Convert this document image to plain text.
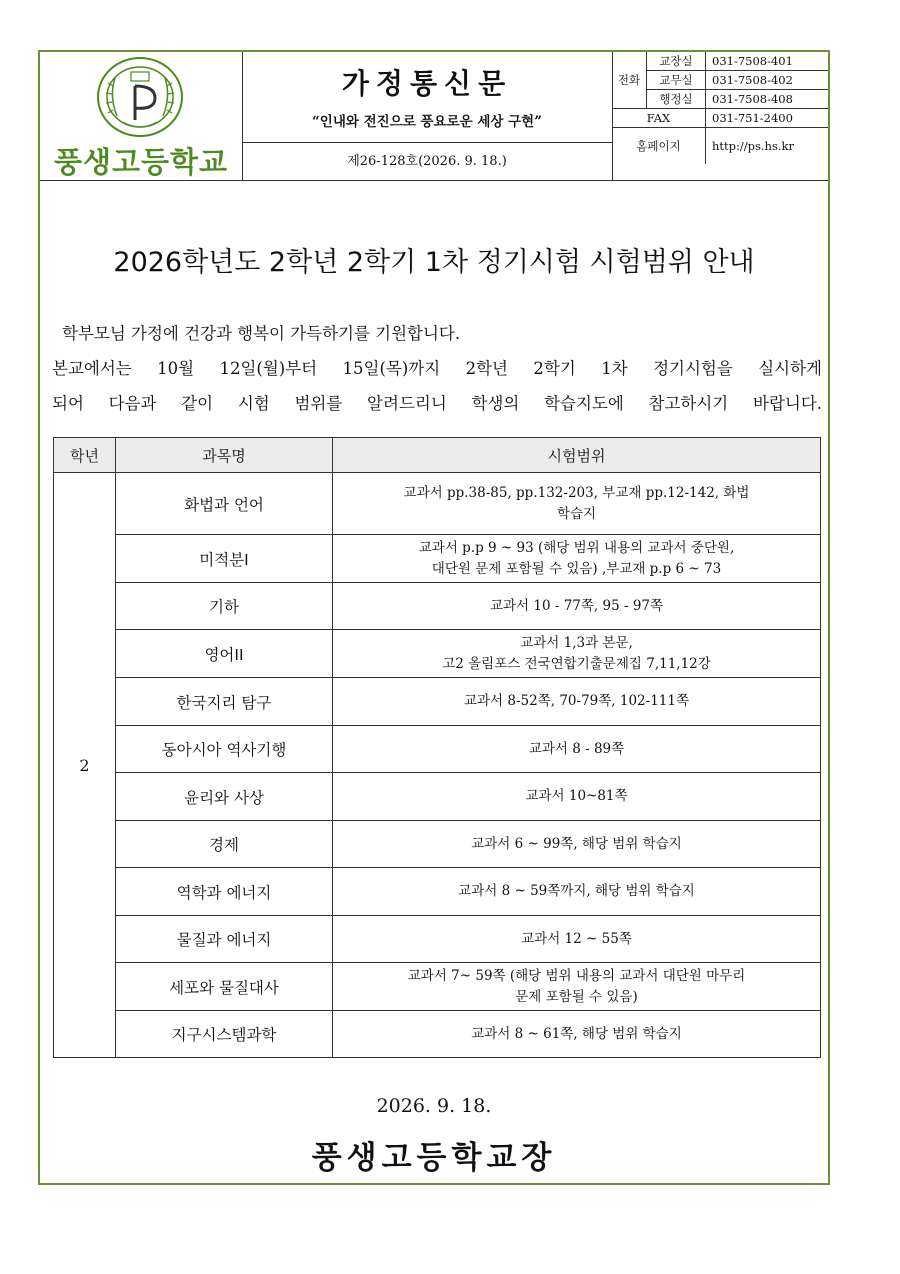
풍생고등학교
가정통신문
“인내와 전진으로 풍요로운 세상 구현”
제26-128호(2026. 9. 18.)
전화	교장실	031-7508-401
	교무실	031-7508-402
	행정실	031-7508-408
FAX		031-751-2400
홈페이지		http://ps.hs.kr
2026학년도 2학년 2학기 1차 정기시험 시험범위 안내

학부모님 가정에 건강과 행복이 가득하기를 기원합니다.

본교에서는 10월 12일(월)부터 15일(목)까지 2학년 2학기 1차 정기시험을 실시하게

되어 다음과 같이 시험 범위를 알려드리니 학생의 학습지도에 참고하시기 바랍니다.

학년	과목명	시험범위
2	화법과 언어	교과서 pp.38-85, pp.132-203, 부교재 pp.12-142, 화법
학습지

	미적분I	교과서 p.p 9 ~ 93 (해당 범위 내용의 교과서 중단원,
대단원 문제 포함될 수 있음) ,부교재 p.p 6 ~ 73

	기하	교과서 10 - 77쪽, 95 - 97쪽

	영어II	교과서 1,3과 본문,
고2 올림포스 전국연합기출문제집 7,11,12강

	한국지리 탐구	교과서 8-52쪽, 70-79쪽, 102-111쪽

	동아시아 역사기행	교과서 8 - 89쪽

	윤리와 사상	교과서 10~81쪽

	경제	교과서 6 ~ 99쪽, 해당 범위 학습지

	역학과 에너지	교과서 8 ~ 59쪽까지, 해당 범위 학습지

	물질과 에너지	교과서 12 ~ 55쪽

	세포와 물질대사	교과서 7~ 59쪽 (해당 범위 내용의 교과서 대단원 마무리
문제 포함될 수 있음)

	지구시스템과학	교과서 8 ~ 61쪽, 해당 범위 학습지
2026. 9. 18.
풍생고등학교장
